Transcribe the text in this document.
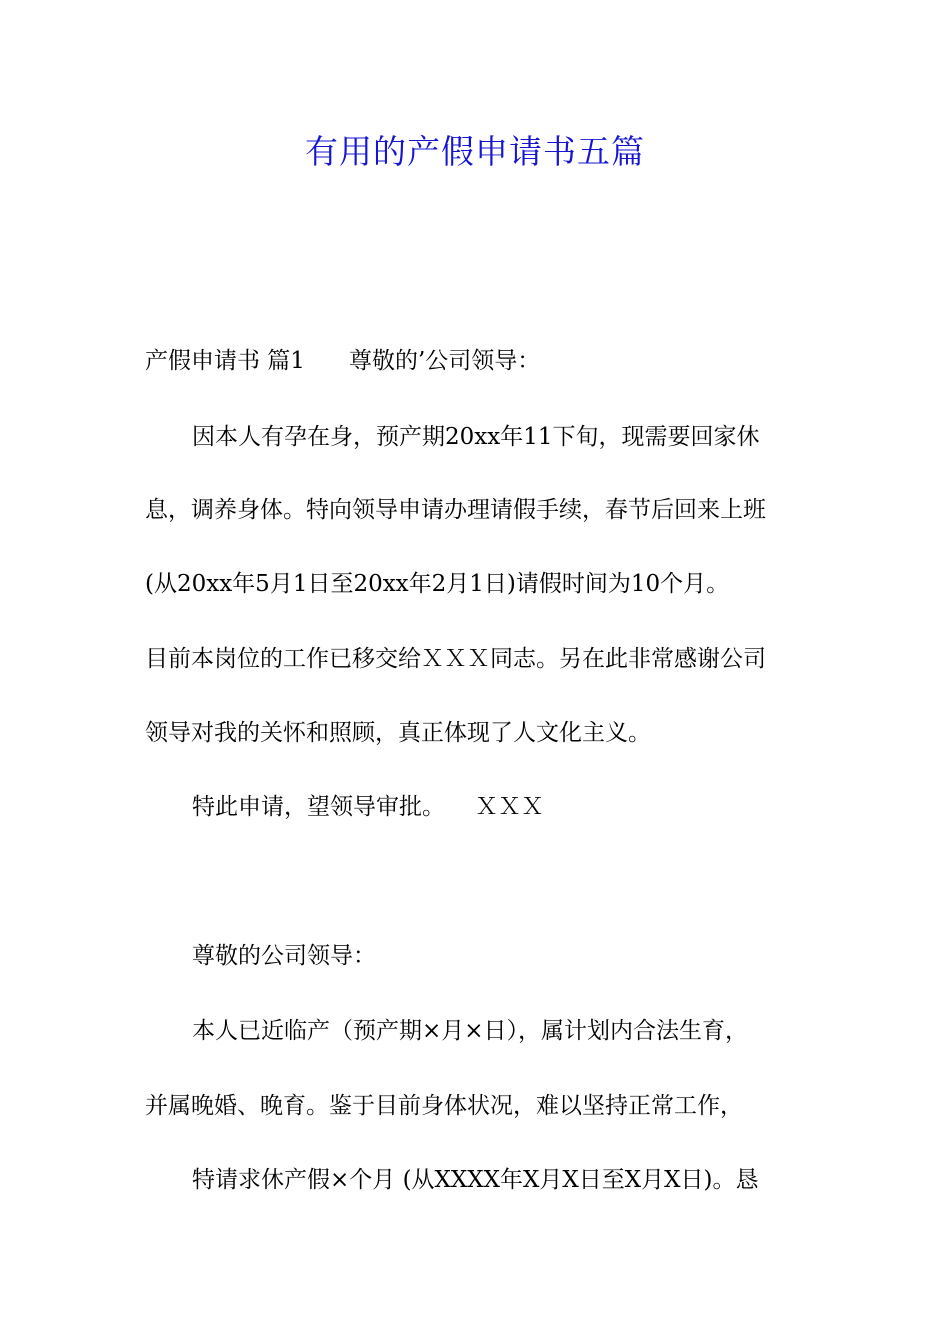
有用的产假申请书五篇
产假申请书 篇1 尊敬的’公司领导：
因本人有孕在身，预产期20xx年11下旬，现需要回家休
息，调养身体。特向领导申请办理请假手续，春节后回来上班
(从20xx年5月1日至20xx年2月1日)请假时间为10个月。
目前本岗位的工作已移交给ＸＸＸ同志。另在此非常感谢公司
领导对我的关怀和照顾，真正体现了人文化主义。
特此申请，望领导审批。 ＸＸＸ
尊敬的公司领导：
本人已近临产（预产期×月×日），属计划内合法生育，
并属晚婚、晚育。鉴于目前身体状况，难以坚持正常工作，
特请求休产假×个月 (从XXXX年X月X日至X月X日)。恳
